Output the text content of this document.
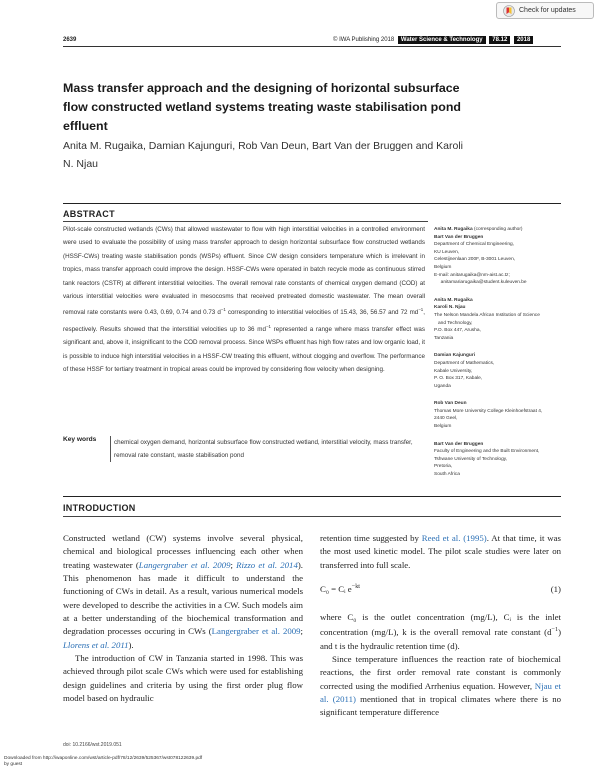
2639	© IWA Publishing 2018 Water Science & Technology 78.12 2018
Check for updates
Mass transfer approach and the designing of horizontal subsurface flow constructed wetland systems treating waste stabilisation pond effluent
Anita M. Rugaika, Damian Kajunguri, Rob Van Deun, Bart Van der Bruggen and Karoli N. Njau
ABSTRACT
Pilot-scale constructed wetlands (CWs) that allowed wastewater to flow with high interstitial velocities in a controlled environment were used to evaluate the possibility of using mass transfer approach to design horizontal subsurface flow constructed wetlands (HSSF-CWs) treating waste stabilisation ponds (WSPs) effluent. Since CW design considers temperature which is irrelevant in tropics, mass transfer approach could improve the design. HSSF-CWs were operated in batch recycle mode as continuous stirred tank reactors (CSTR) at different interstitial velocities. The overall removal rate constants of chemical oxygen demand (COD) at various interstitial velocities were evaluated in mesocosms that received pretreated domestic wastewater. The mean overall removal rate constants were 0.43, 0.69, 0.74 and 0.73 $d^{-1}$ corresponding to interstitial velocities of 15.43, 36, 56.57 and 72 $md^{-1}$, respectively. Results showed that the interstitial velocities up to 36 $md^{-1}$ represented a range where mass transfer effect was significant and, above it, insignificant to the COD removal process. Since WSPs effluent has high flow rates and low organic load, it is possible to induce high interstitial velocities in a HSSF-CW treating this effluent, without clogging and overflow. The performance of these HSSF for tertiary treatment in tropical areas could be improved by considering flow velocity when designing.
Key words	chemical oxygen demand, horizontal subsurface flow constructed wetland, interstitial velocity, mass transfer, removal rate constant, waste stabilisation pond
Anita M. Rugaika (corresponding author)
Bart Van der Bruggen
Department of Chemical Engineering,
KU Leuven,
Celestijnenlaan 200F, B-3001 Leuven,
Belgium
E-mail: anitarugaika@nm-aist.ac.tz;
anitamariarugaika@student.kuleuven.be
Anita M. Rugaika
Karoli N. Njau
The Nelson Mandela African Institution of Science
and Technology,
P.O. Box 447, Arusha,
Tanzania
Damian Kajunguri
Department of Mathematics,
Kabale University,
P. O. Box 317, Kabale,
Uganda
Rob Van Deun
Thomas More University College Kleinhoefstraat 4,
2440 Geel,
Belgium
Bart Van der Bruggen
Faculty of Engineering and the Built Environment,
Tshwane University of Technology,
Pretoria,
South Africa
INTRODUCTION
Constructed wetland (CW) systems involve several physical, chemical and biological processes influencing each other when treating wastewater (Langergraber et al. 2009; Rizzo et al. 2014). This phenomenon has made it difficult to understand the functioning of CWs in detail. As a result, various numerical models were developed to describe the activities in a CW. Such models aim at a better understanding of the biochemical transformation and degradation processes occuring in CWs (Langergraber et al. 2009; Llorens et al. 2011).
The introduction of CW in Tanzania started in 1998. This was achieved through pilot scale CWs which were used for establishing design guidelines and criteria by using the first order plug flow model based on hydraulic
retention time suggested by Reed et al. (1995). At that time, it was the most used kinetic model. The pilot scale studies were later on transferred into full scale.
C₀ = Cᵢ $e^{-kt}$	(1)
where C₀ is the outlet concentration (mg/L), Cᵢ is the inlet concentration (mg/L), k is the overall removal rate constant $(d^{-1})$ and t is the hydraulic retention time (d).
Since temperature influences the reaction rate of biochemical reactions, the first order removal rate constant is commonly corrected using the modified Arrhenius equation. However, Njau et al. (2011) mentioned that in tropical climates where there is no significant temperature difference
doi: 10.2166/wst.2019.051
Downloaded from http://iwaponline.com/wst/article-pdf/78/12/2639/525367/wst078122639.pdf
by guest
